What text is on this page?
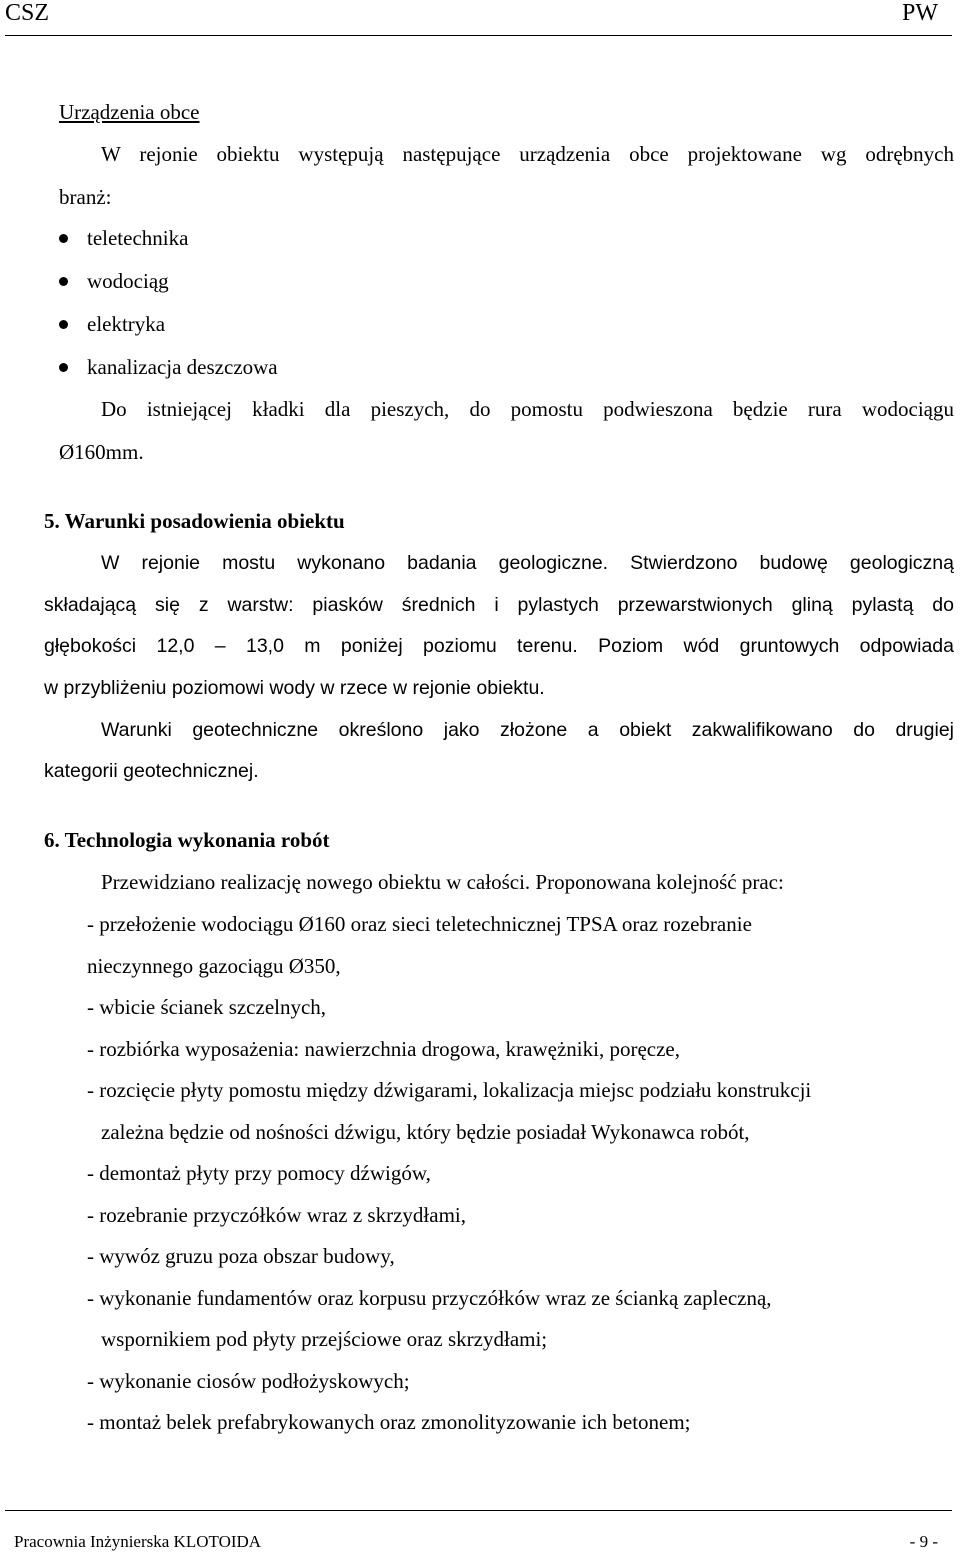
CSZ	PW
Urządzenia obce
W rejonie obiektu występują następujące urządzenia obce projektowane wg odrębnych
branż:
teletechnika
wodociąg
elektryka
kanalizacja deszczowa
Do istniejącej kładki dla pieszych, do pomostu podwieszona będzie rura wodociągu
Ø160mm.
5. Warunki posadowienia obiektu
W rejonie mostu wykonano badania geologiczne. Stwierdzono budowę geologiczną
składającą się z warstw: piasków średnich i pylastych przewarstwionych gliną pylastą do
głębokości 12,0 – 13,0 m poniżej poziomu terenu. Poziom wód gruntowych odpowiada
w przybliżeniu poziomowi wody w rzece w rejonie obiektu.
Warunki geotechniczne określono jako złożone a obiekt zakwalifikowano do drugiej
kategorii geotechnicznej.
6. Technologia wykonania robót
Przewidziano realizację nowego obiektu w całości. Proponowana kolejność prac:
- przełożenie wodociągu Ø160 oraz sieci teletechnicznej TPSA oraz rozebranie
nieczynnego gazociągu Ø350,
- wbicie ścianek szczelnych,
- rozbiórka wyposażenia: nawierzchnia drogowa, krawężniki, poręcze,
- rozcięcie płyty pomostu między dźwigarami, lokalizacja miejsc podziału konstrukcji
zależna będzie od nośności dźwigu, który będzie posiadał Wykonawca robót,
- demontaż płyty przy pomocy dźwigów,
- rozebranie przyczółków wraz z skrzydłami,
- wywóz gruzu poza obszar budowy,
- wykonanie fundamentów oraz korpusu przyczółków wraz ze ścianką zapleczną,
wspornikiem pod płyty przejściowe oraz skrzydłami;
- wykonanie ciosów podłożyskowych;
- montaż belek prefabrykowanych oraz zmonolityzowanie ich betonem;
Pracownia Inżynierska KLOTOIDA	- 9 -
